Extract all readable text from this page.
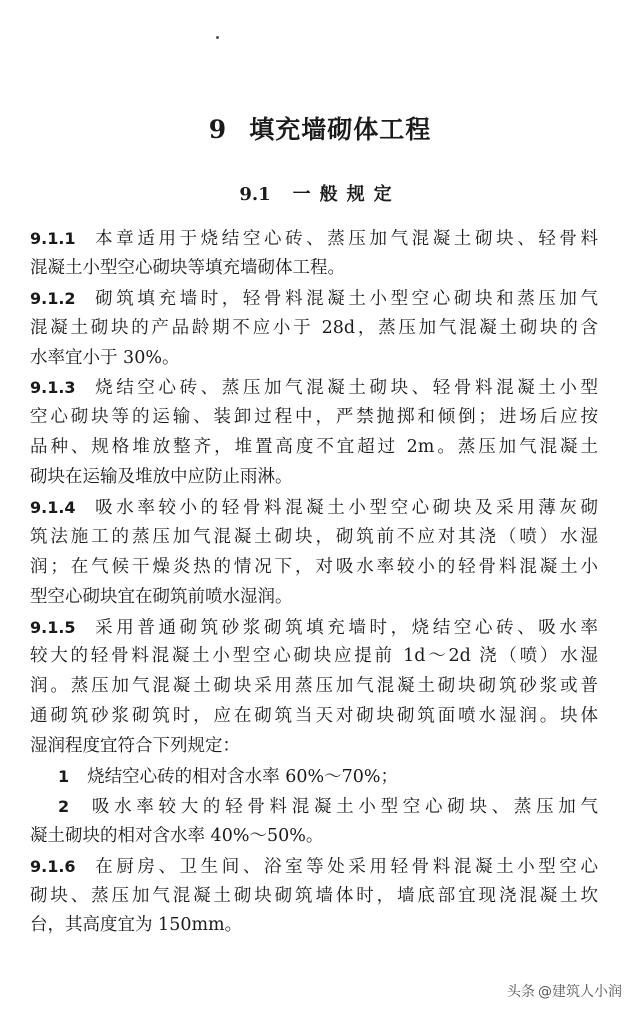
9 填充墙砌体工程
9.1 一般规定
9.1.1 本章适用于烧结空心砖、蒸压加气混凝土砌块、轻骨料
混凝土小型空心砌块等填充墙砌体工程。
9.1.2 砌筑填充墙时，轻骨料混凝土小型空心砌块和蒸压加气
混凝土砌块的产品龄期不应小于 28d，蒸压加气混凝土砌块的含
水率宜小于 30%。
9.1.3 烧结空心砖、蒸压加气混凝土砌块、轻骨料混凝土小型
空心砌块等的运输、装卸过程中，严禁抛掷和倾倒；进场后应按
品种、规格堆放整齐，堆置高度不宜超过 2m。蒸压加气混凝土
砌块在运输及堆放中应防止雨淋。
9.1.4 吸水率较小的轻骨料混凝土小型空心砌块及采用薄灰砌
筑法施工的蒸压加气混凝土砌块，砌筑前不应对其浇（喷）水湿
润；在气候干燥炎热的情况下，对吸水率较小的轻骨料混凝土小
型空心砌块宜在砌筑前喷水湿润。
9.1.5 采用普通砌筑砂浆砌筑填充墙时，烧结空心砖、吸水率
较大的轻骨料混凝土小型空心砌块应提前 1d～2d 浇（喷）水湿
润。蒸压加气混凝土砌块采用蒸压加气混凝土砌块砌筑砂浆或普
通砌筑砂浆砌筑时，应在砌筑当天对砌块砌筑面喷水湿润。块体
湿润程度宜符合下列规定：
1 烧结空心砖的相对含水率 60%～70%；
2 吸水率较大的轻骨料混凝土小型空心砌块、蒸压加气
凝土砌块的相对含水率 40%～50%。
9.1.6 在厨房、卫生间、浴室等处采用轻骨料混凝土小型空心
砌块、蒸压加气混凝土砌块砌筑墙体时，墙底部宜现浇混凝土坎
台，其高度宜为 150mm。
头条 @建筑人小润
